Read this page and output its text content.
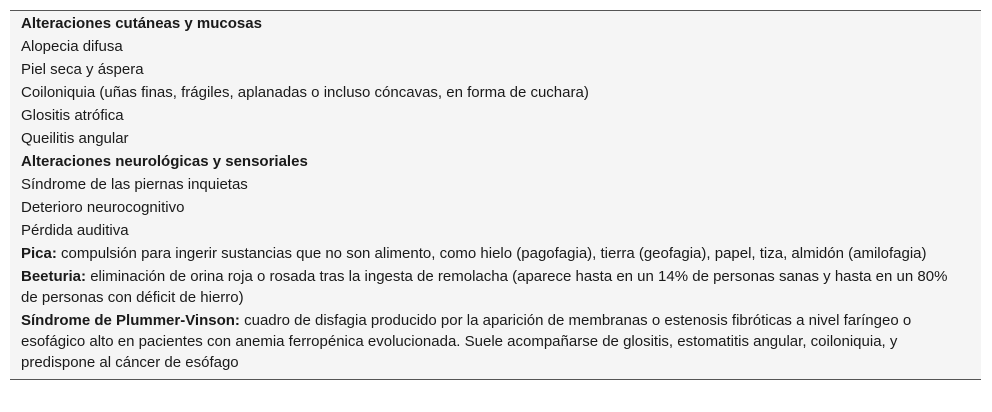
Alteraciones cutáneas y mucosas
Alopecia difusa
Piel seca y áspera
Coiloniquia (uñas finas, frágiles, aplanadas o incluso cóncavas, en forma de cuchara)
Glositis atrófica
Queilitis angular
Alteraciones neurológicas y sensoriales
Síndrome de las piernas inquietas
Deterioro neurocognitivo
Pérdida auditiva
Pica: compulsión para ingerir sustancias que no son alimento, como hielo (pagofagia), tierra (geofagia), papel, tiza, almidón (amilofagia)
Beeturia: eliminación de orina roja o rosada tras la ingesta de remolacha (aparece hasta en un 14% de personas sanas y hasta en un 80% de personas con déficit de hierro)
Síndrome de Plummer-Vinson: cuadro de disfagia producido por la aparición de membranas o estenosis fibróticas a nivel faríngeo o esofágico alto en pacientes con anemia ferropénica evolucionada. Suele acompañarse de glositis, estomatitis angular, coiloniquia, y predispone al cáncer de esófago
